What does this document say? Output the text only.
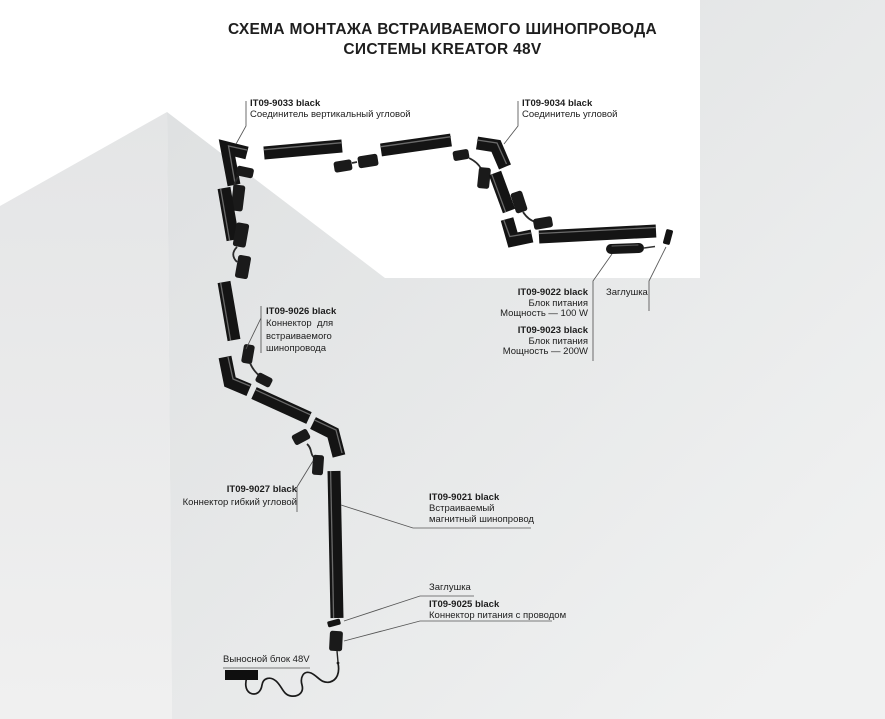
СХЕМА МОНТАЖА ВСТРАИВАЕМОГО ШИНОПРОВОДА
СИСТЕМЫ KREATOR 48V
IT09-9033 black
Соединитель вертикальный угловой
IT09-9034 black
Соединитель угловой
IT09-9022 black
Блок питания
Мощность — 100 W
Заглушка
IT09-9023 black
Блок питания
Мощность — 200W
IT09-9026 black
Коннектор  для
встраиваемого
шинопровода
IT09-9027 black
Коннектор гибкий угловой	IT09-9021 black
Встраиваемый
магнитный шинопровод
Заглушка
IT09-9025 black
Коннектор питания с проводом
Выносной блок 48V
